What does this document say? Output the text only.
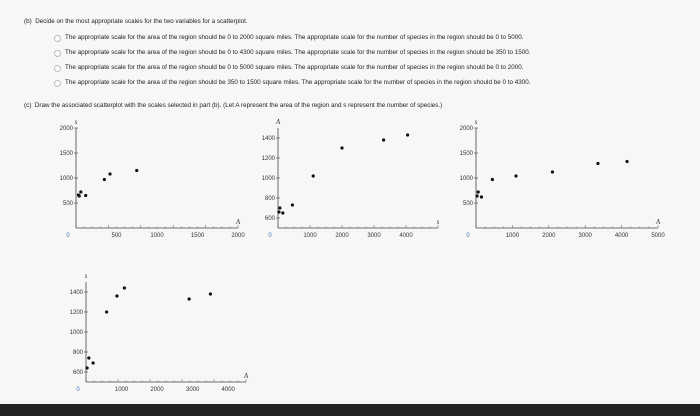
(b) Decide on the most appropriate scales for the two variables for a scatterplot.
The appropriate scale for the area of the region should be 0 to 2000 square miles. The appropriate scale for the number of species in the region should be 0 to 5000.
The appropriate scale for the area of the region should be 0 to 4300 square miles. The appropriate scale for the number of species in the region should be 350 to 1500.
The appropriate scale for the area of the region should be 0 to 5000 square miles. The appropriate scale for the number of species in the region should be 0 to 2000.
The appropriate scale for the area of the region should be 350 to 1500 square miles. The appropriate scale for the number of species in the region should be 0 to 4300.
(c) Draw the associated scatterplot with the scales selected in part (b). (Let A represent the area of the region and s represent the number of species.)
500	1000	1500	2000
2000
1500
1000
500
0
A
s
1000	2000	3000	4000
1400
1200
1000
800
600
0
s
A
1000	2000	3000	4000	5000
2000
1500
1000
500
0
A
s
1000	2000	3000	4000
1400
1200
1000
800
600
0
A
s
